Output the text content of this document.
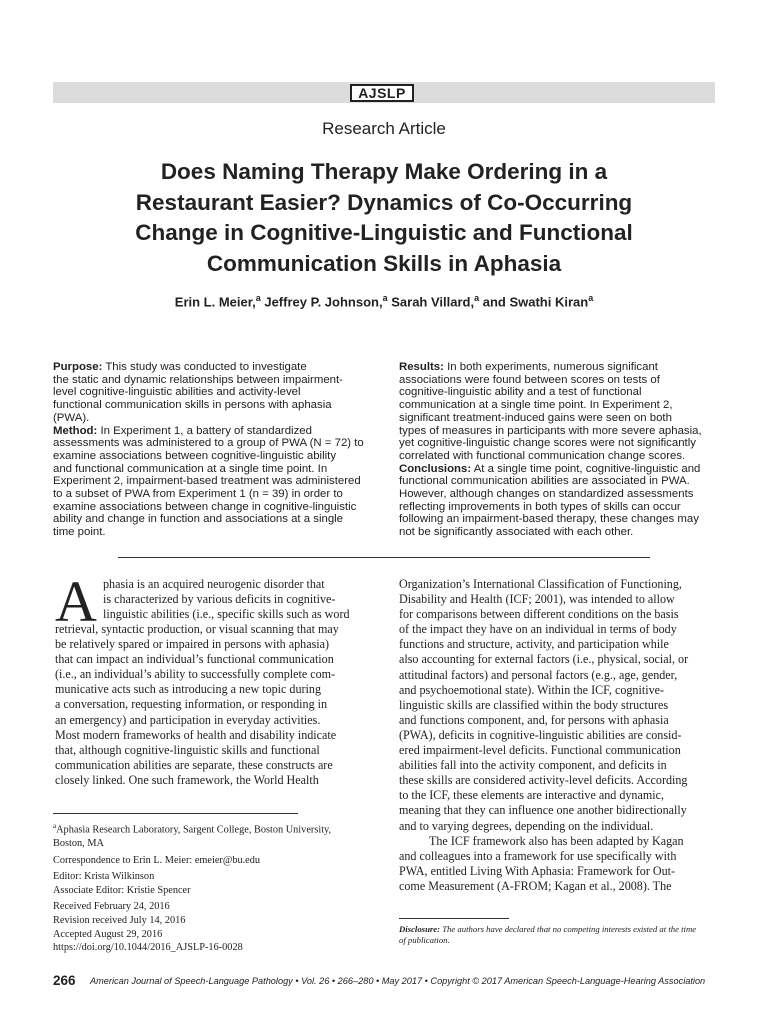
AJSLP
Research Article
Does Naming Therapy Make Ordering in a
Restaurant Easier? Dynamics of Co-Occurring
Change in Cognitive-Linguistic and Functional
Communication Skills in Aphasia
Erin L. Meier,$^a$ Jeffrey P. Johnson,$^a$ Sarah Villard,$^a$ and Swathi Kiran$^a$
Purpose: This study was conducted to investigate
the static and dynamic relationships between impairment-
level cognitive-linguistic abilities and activity-level
functional communication skills in persons with aphasia
(PWA).
Method: In Experiment 1, a battery of standardized
assessments was administered to a group of PWA (N = 72) to
examine associations between cognitive-linguistic ability
and functional communication at a single time point. In
Experiment 2, impairment-based treatment was administered
to a subset of PWA from Experiment 1 (n = 39) in order to
examine associations between change in cognitive-linguistic
ability and change in function and associations at a single
time point.
Results: In both experiments, numerous significant
associations were found between scores on tests of
cognitive-linguistic ability and a test of functional
communication at a single time point. In Experiment 2,
significant treatment-induced gains were seen on both
types of measures in participants with more severe aphasia,
yet cognitive-linguistic change scores were not significantly
correlated with functional communication change scores.
Conclusions: At a single time point, cognitive-linguistic and
functional communication abilities are associated in PWA.
However, although changes on standardized assessments
reflecting improvements in both types of skills can occur
following an impairment-based therapy, these changes may
not be significantly associated with each other.
A phasia is an acquired neurogenic disorder that
is characterized by various deficits in cognitive-
linguistic abilities (i.e., specific skills such as word
retrieval, syntactic production, or visual scanning that may
be relatively spared or impaired in persons with aphasia)
that can impact an individual’s functional communication
(i.e., an individual’s ability to successfully complete com-
municative acts such as introducing a new topic during
a conversation, requesting information, or responding in
an emergency) and participation in everyday activities.
Most modern frameworks of health and disability indicate
that, although cognitive-linguistic skills and functional
communication abilities are separate, these constructs are
closely linked. One such framework, the World Health
Organization’s International Classification of Functioning,
Disability and Health (ICF; 2001), was intended to allow
for comparisons between different conditions on the basis
of the impact they have on an individual in terms of body
functions and structure, activity, and participation while
also accounting for external factors (i.e., physical, social, or
attitudinal factors) and personal factors (e.g., age, gender,
and psychoemotional state). Within the ICF, cognitive-
linguistic skills are classified within the body structures
and functions component, and, for persons with aphasia
(PWA), deficits in cognitive-linguistic abilities are consid-
ered impairment-level deficits. Functional communication
abilities fall into the activity component, and deficits in
these skills are considered activity-level deficits. According
to the ICF, these elements are interactive and dynamic,
meaning that they can influence one another bidirectionally
and to varying degrees, depending on the individual.
The ICF framework also has been adapted by Kagan
and colleagues into a framework for use specifically with
PWA, entitled Living With Aphasia: Framework for Out-
come Measurement (A-FROM; Kagan et al., 2008). The
$^a$Aphasia Research Laboratory, Sargent College, Boston University,
Boston, MA
Correspondence to Erin L. Meier: emeier@bu.edu
Editor: Krista Wilkinson
Associate Editor: Kristie Spencer
Received February 24, 2016
Revision received July 14, 2016
Accepted August 29, 2016
https://doi.org/10.1044/2016_AJSLP-16-0028
Disclosure: The authors have declared that no competing interests existed at the time
of publication.
266 American Journal of Speech-Language Pathology • Vol. 26 • 266–280 • May 2017 • Copyright © 2017 American Speech-Language-Hearing Association
